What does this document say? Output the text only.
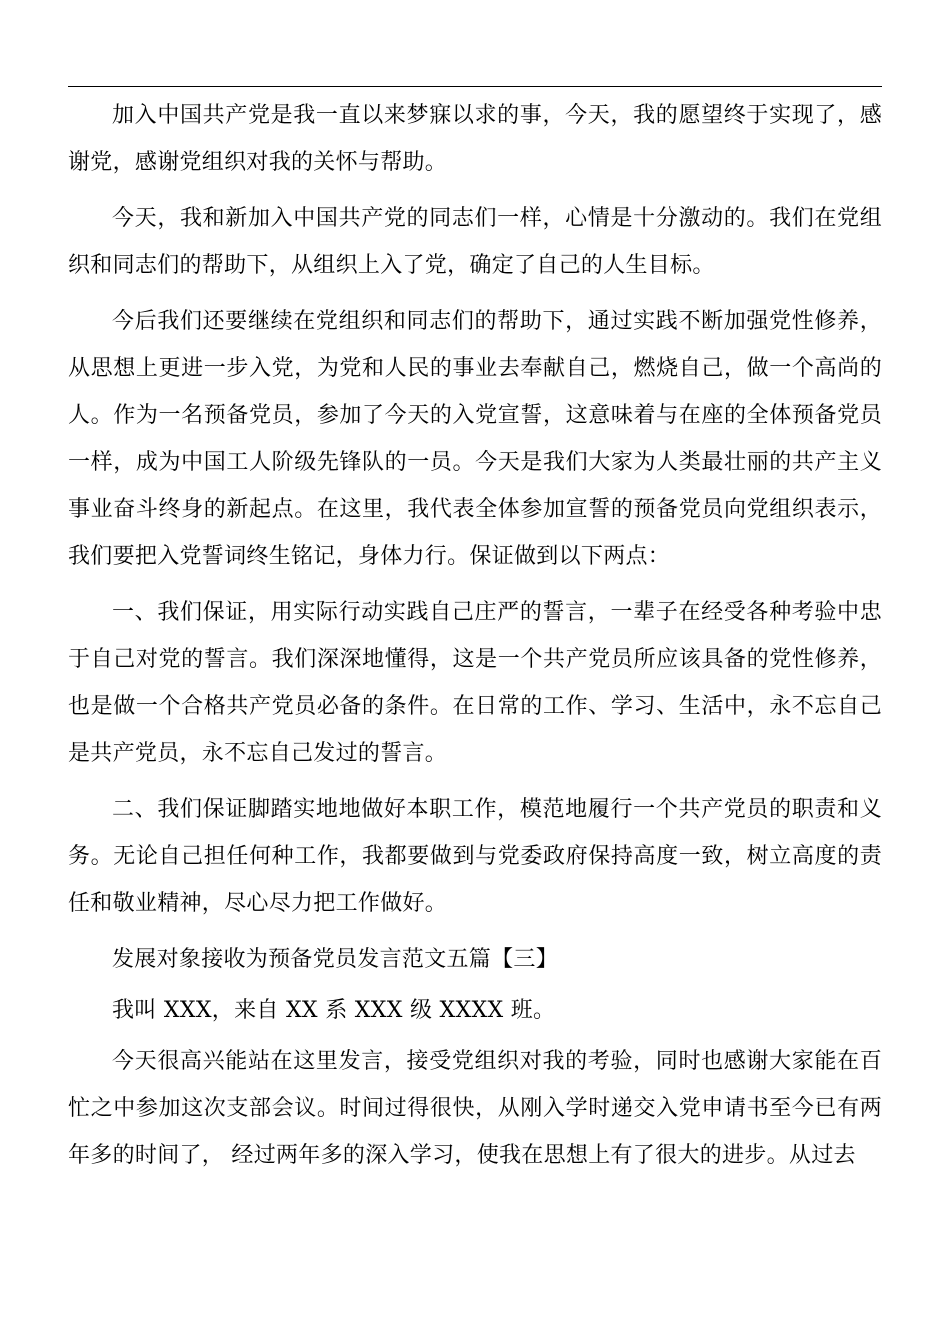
加入中国共产党是我一直以来梦寐以求的事，今天，我的愿望终于实现了，感谢党，感谢党组织对我的关怀与帮助。

今天，我和新加入中国共产党的同志们一样，心情是十分激动的。我们在党组织和同志们的帮助下，从组织上入了党，确定了自己的人生目标。

今后我们还要继续在党组织和同志们的帮助下，通过实践不断加强党性修养，从思想上更进一步入党，为党和人民的事业去奉献自己，燃烧自己，做一个高尚的人。作为一名预备党员，参加了今天的入党宣誓，这意味着与在座的全体预备党员一样，成为中国工人阶级先锋队的一员。今天是我们大家为人类最壮丽的共产主义事业奋斗终身的新起点。在这里，我代表全体参加宣誓的预备党员向党组织表示，我们要把入党誓词终生铭记，身体力行。保证做到以下两点：

一、我们保证，用实际行动实践自己庄严的誓言，一辈子在经受各种考验中忠于自己对党的誓言。我们深深地懂得，这是一个共产党员所应该具备的党性修养，也是做一个合格共产党员必备的条件。在日常的工作、学习、生活中，永不忘自己是共产党员，永不忘自己发过的誓言。

二、我们保证脚踏实地地做好本职工作，模范地履行一个共产党员的职责和义务。无论自己担任何种工作，我都要做到与党委政府保持高度一致，树立高度的责任和敬业精神，尽心尽力把工作做好。

发展对象接收为预备党员发言范文五篇【三】

我叫 XXX，来自 XX 系 XXX 级 XXXX 班。

今天很高兴能站在这里发言，接受党组织对我的考验，同时也感谢大家能在百忙之中参加这次支部会议。时间过得很快，从刚入学时递交入党申请书至今已有两年多的时间了， 经过两年多的深入学习，使我在思想上有了很大的进步。从过去
